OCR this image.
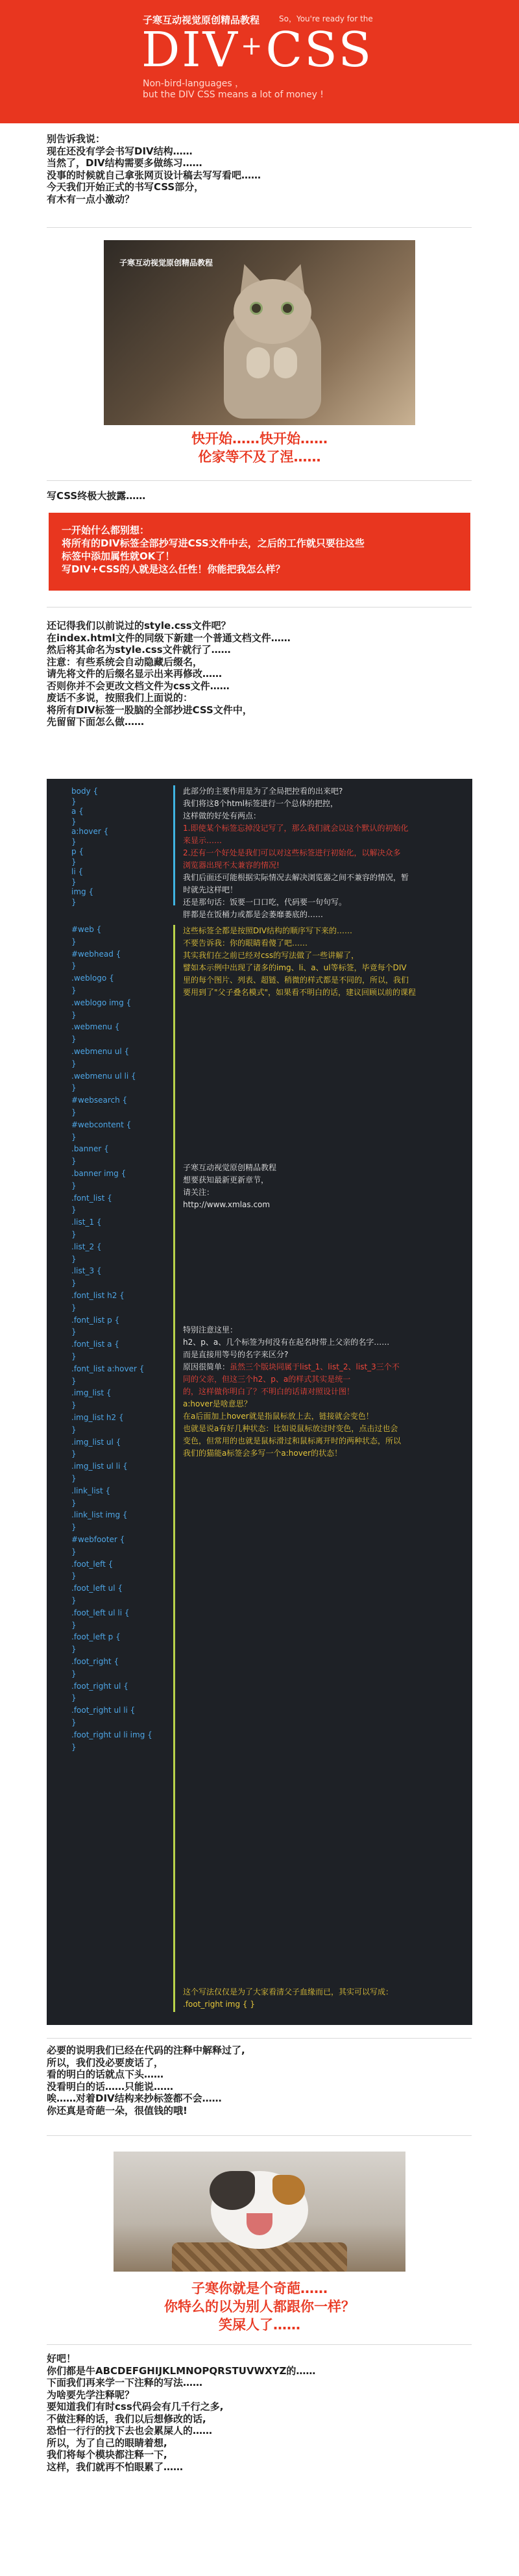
子寒互动视觉原创精品教程 So，You're ready for the
DIV+CSS
Non-bird-languages ，
but the DIV CSS means a lot of money !

别告诉我说：

现在还没有学会书写DIV结构……

当然了，DIV结构需要多做练习……

没事的时候就自己拿张网页设计稿去写写看吧……

今天我们开始正式的书写CSS部分，

有木有一点小激动？

子寒互动视觉原创精品教程

快开始……快开始……

伦家等不及了涅……

写CSS终极大披露……

一开始什么都别想：

将所有的DIV标签全部抄写进CSS文件中去，之后的工作就只要往这些

标签中添加属性就OK了！

写DIV+CSS的人就是这么任性！你能把我怎么样？

还记得我们以前说过的style.css文件吧？

在index.html文件的同级下新建一个普通文档文件……

然后将其命名为style.css文件就行了……

注意：有些系统会自动隐藏后缀名，

请先将文件的后缀名显示出来再修改……

否则你并不会更改文档文件为css文件……

废话不多说，按照我们上面说的：

将所有DIV标签一股脑的全部抄进CSS文件中，

先留留下面怎么做……

body {
}
a {
}
a:hover {
}
p {
}
li {
}
img {
}
#web {
}
#webhead {
}
.weblogo {
}
.weblogo img {
}
.webmenu {
}
.webmenu ul {
}
.webmenu ul li {
}
#websearch {
}
#webcontent {
}
.banner {
}
.banner img {
}
.font_list {
}
.list_1 {
}
.list_2 {
}
.list_3 {
}
.font_list h2 {
}
.font_list p {
}
.font_list a {
}
.font_list a:hover {
}
.img_list {
}
.img_list h2 {
}
.img_list ul {
}
.img_list ul li {
}
.link_list {
}
.link_list img {
}
#webfooter {
}
.foot_left {
}
.foot_left ul {
}
.foot_left ul li {
}
.foot_left p {
}
.foot_right {
}
.foot_right ul {
}
.foot_right ul li {
}
.foot_right ul li img {
}
此部分的主要作用是为了全局把控看的出来吧?
我们将这8个html标签进行一个总体的把控，
这样做的好处有两点：
1.即使某个标签忘掉没记写了，那么我们就会以这个默认的初始化
来显示……
2.还有一个好处是我们可以对这些标签进行初始化，以解决众多
浏览器出现不太兼容的情况!
我们后面还可能根据实际情况去解决浏览器之间不兼容的情况，暂
时就先这样吧！
还是那句话：饭要一口口吃，代码要一句句写。
胖都是在饭桶力或都是会萎靡萎底的……
这些标签全都是按照DIV结构的顺序写下来的……
不要告诉我：你的眼睛看傻了吧……
其实我们在之前已经对css的写法做了一些讲解了，
譬如本示例中出现了诸多的img、li、a、ul等标签，毕竟每个DIV
里的每个图片、列表、超链、稍微的样式都是不同的，所以，我们
要用到了"父子叠名模式"，如果看不明白的话，建议回顾以前的课程
子寒互动视觉原创精品教程
想要获知最新更新章节，
请关注：
http://www.xmlas.com
特别注意这里：
h2、p、a、几个标签为何没有在起名时带上父亲的名字……
而是直接用等号的名字来区分?
原因很简单：虽然三个版块同属于list_1、list_2、list_3三个不
同的父亲，但这三个h2、p、a的样式其实是统一
的，这样做你明白了？不明白的话请对照设计图！
a:hover是啥意思？
在a后面加上hover就是指鼠标放上去，链接就会变色！
也就是说a有好几种状态：比如说鼠标放过时变色，点击过也会
变色，但常用的也就是鼠标滑过和鼠标离开时的两种状态，所以
我们的猫能a标签会多写一个a:hover的状态！
这个写法仅仅是为了大家看清父子血缘而已，其实可以写成：
.foot_right img { }

必要的说明我们已经在代码的注释中解释过了,

所以，我们没必要废话了，

看的明白的话就点下头……

没看明白的话……只能说……

唉……对着DIV结构来抄标签都不会……

你还真是奇葩一朵，很值钱的哦!

子寒你就是个奇葩……

你特么的以为别人都跟你一样？

笑屎人了……

好吧！

你们都是牛ABCDEFGHIJKLMNOPQRSTUVWXYZ的……

下面我们再来学一下注释的写法……

为啥要先学注释呢？

要知道我们有时css代码会有几千行之多,

不做注释的话，我们以后想修改的话,

恐怕一行行的找下去也会累屎人的……

所以，为了自己的眼睛着想,

我们将每个模块都注释一下,

这样，我们就再不怕眼累了……
